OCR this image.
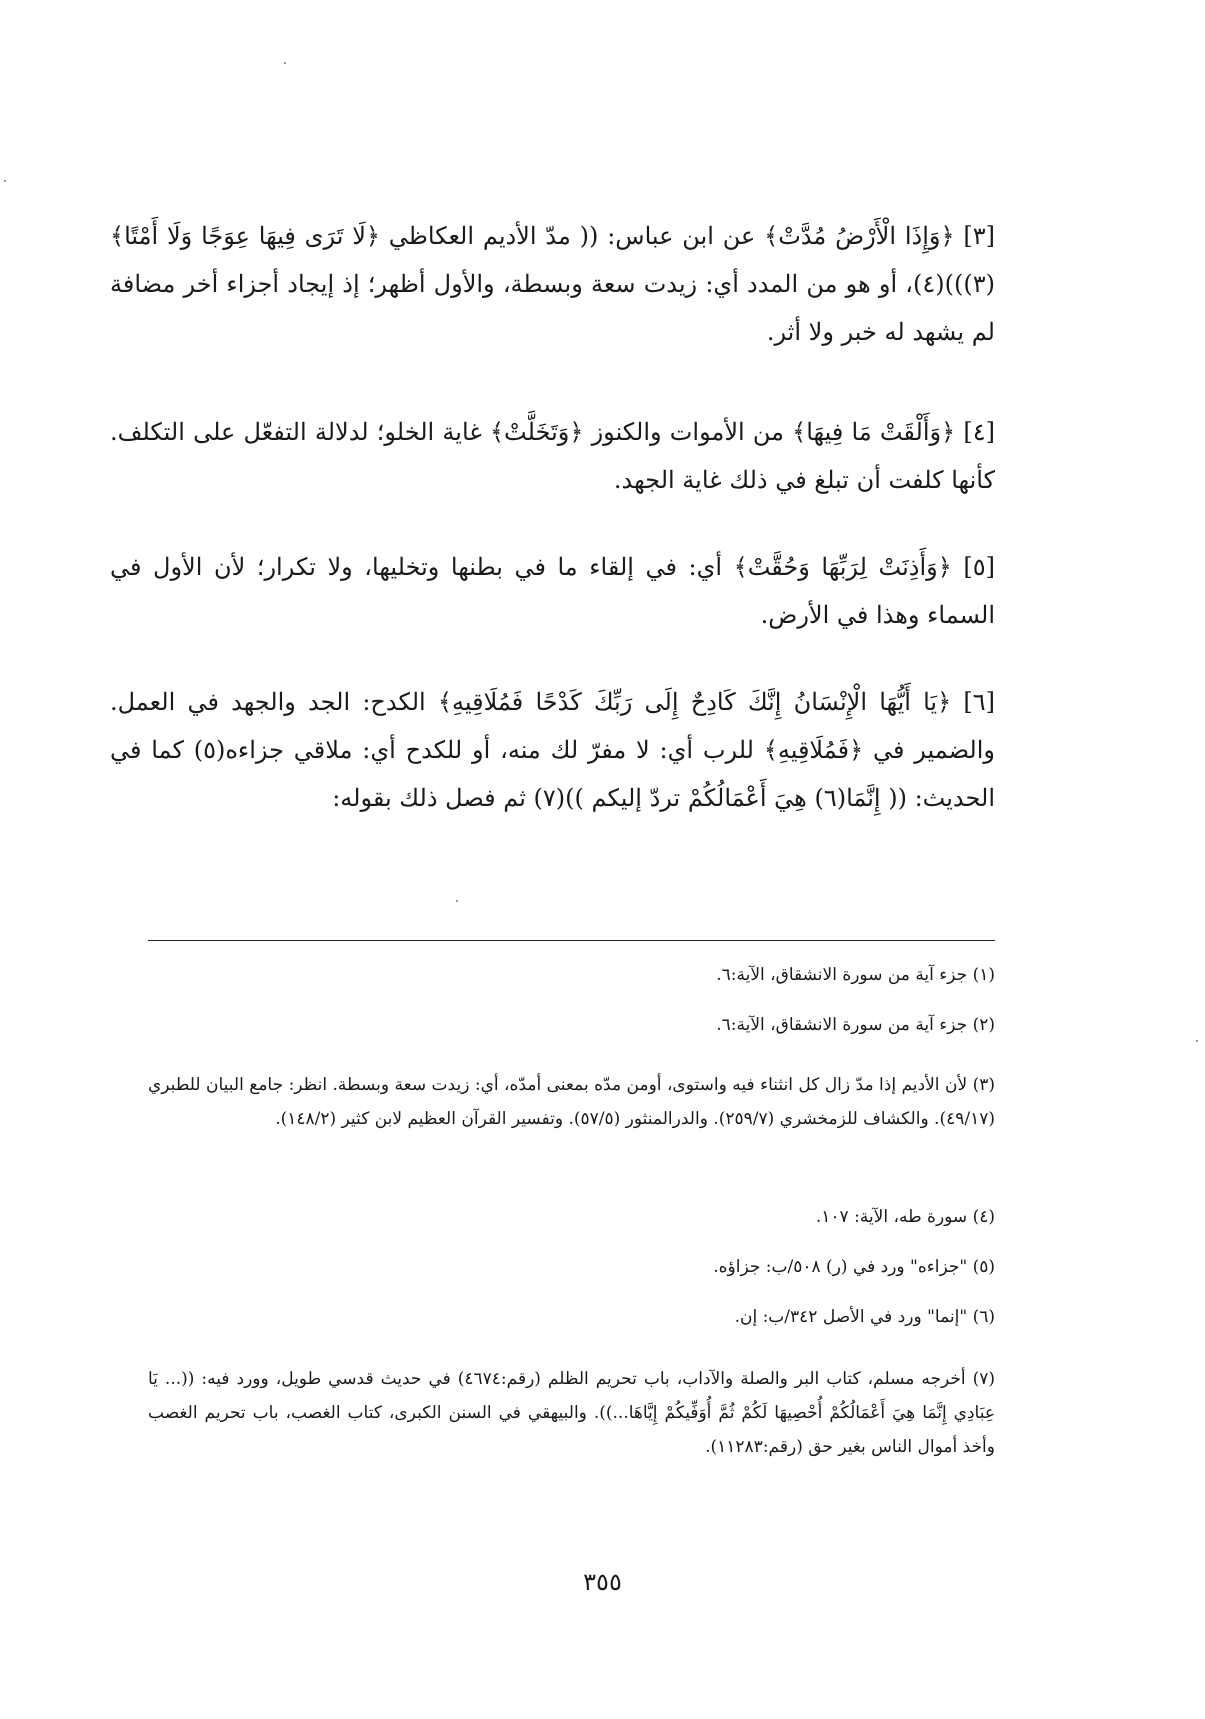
[٣] ﴿وَإِذَا الْأَرْضُ مُدَّتْ﴾ عن ابن عباس: (( مدّ الأديم العكاظي ﴿لَا تَرَى فِيهَا عِوَجًا وَلَا أَمْتًا﴾(٣)))(٤)، أو هو من المدد أي: زيدت سعة وبسطة، والأول أظهر؛ إذ إيجاد أجزاء أخر مضافة لم يشهد له خبر ولا أثر.
[٤] ﴿وَأَلْقَتْ مَا فِيهَا﴾ من الأموات والكنوز ﴿وَتَخَلَّتْ﴾ غاية الخلو؛ لدلالة التفعّل على التكلف. كأنها كلفت أن تبلغ في ذلك غاية الجهد.
[٥] ﴿وَأَذِنَتْ لِرَبِّهَا وَحُقَّتْ﴾ أي: في إلقاء ما في بطنها وتخليها، ولا تكرار؛ لأن الأول في السماء وهذا في الأرض.
[٦] ﴿يَا أَيُّهَا الْإِنْسَانُ إِنَّكَ كَادِحٌ إِلَى رَبِّكَ كَدْحًا فَمُلَاقِيهِ﴾ الكدح: الجد والجهد في العمل. والضمير في ﴿فَمُلَاقِيهِ﴾ للرب أي: لا مفرّ لك منه، أو للكدح أي: ملاقي جزاءه(٥) كما في الحديث: (( إِنَّمَا(٦) هِيَ أَعْمَالُكُمْ تردّ إليكم ))(٧) ثم فصل ذلك بقوله:
(١) جزء آية من سورة الانشقاق، الآية:٦.
(٢) جزء آية من سورة الانشقاق، الآية:٦.
(٣) لأن الأديم إذا مدّ زال كل انثناء فيه واستوى، أومن مدّه بمعنى أمدّه، أي: زيدت سعة وبسطة. انظر: جامع البيان للطبري (٤٩/١٧). والكشاف للزمخشري (٢٥٩/٧). والدرالمنثور (٥٧/٥). وتفسير القرآن العظيم لابن كثير (١٤٨/٢).
(٤) سورة طه، الآية: ١٠٧.
(٥) "جزاءه" ورد في (ر) ٥٠٨/ب: جزاؤه.
(٦) "إنما" ورد في الأصل ٣٤٢/ب: إن.
(٧) أخرجه مسلم، كتاب البر والصلة والآداب، باب تحريم الظلم (رقم:٤٦٧٤) في حديث قدسي طويل، وورد فيه: ((... يَا عِبَادِي إِنَّمَا هِيَ أَعْمَالُكُمْ أُحْصِيهَا لَكُمْ ثُمَّ أُوَفِّيكُمْ إِيَّاهَا...)). والبيهقي في السنن الكبرى، كتاب الغصب، باب تحريم الغصب وأخذ أموال الناس بغير حق (رقم:١١٢٨٣).
٣٥٥
